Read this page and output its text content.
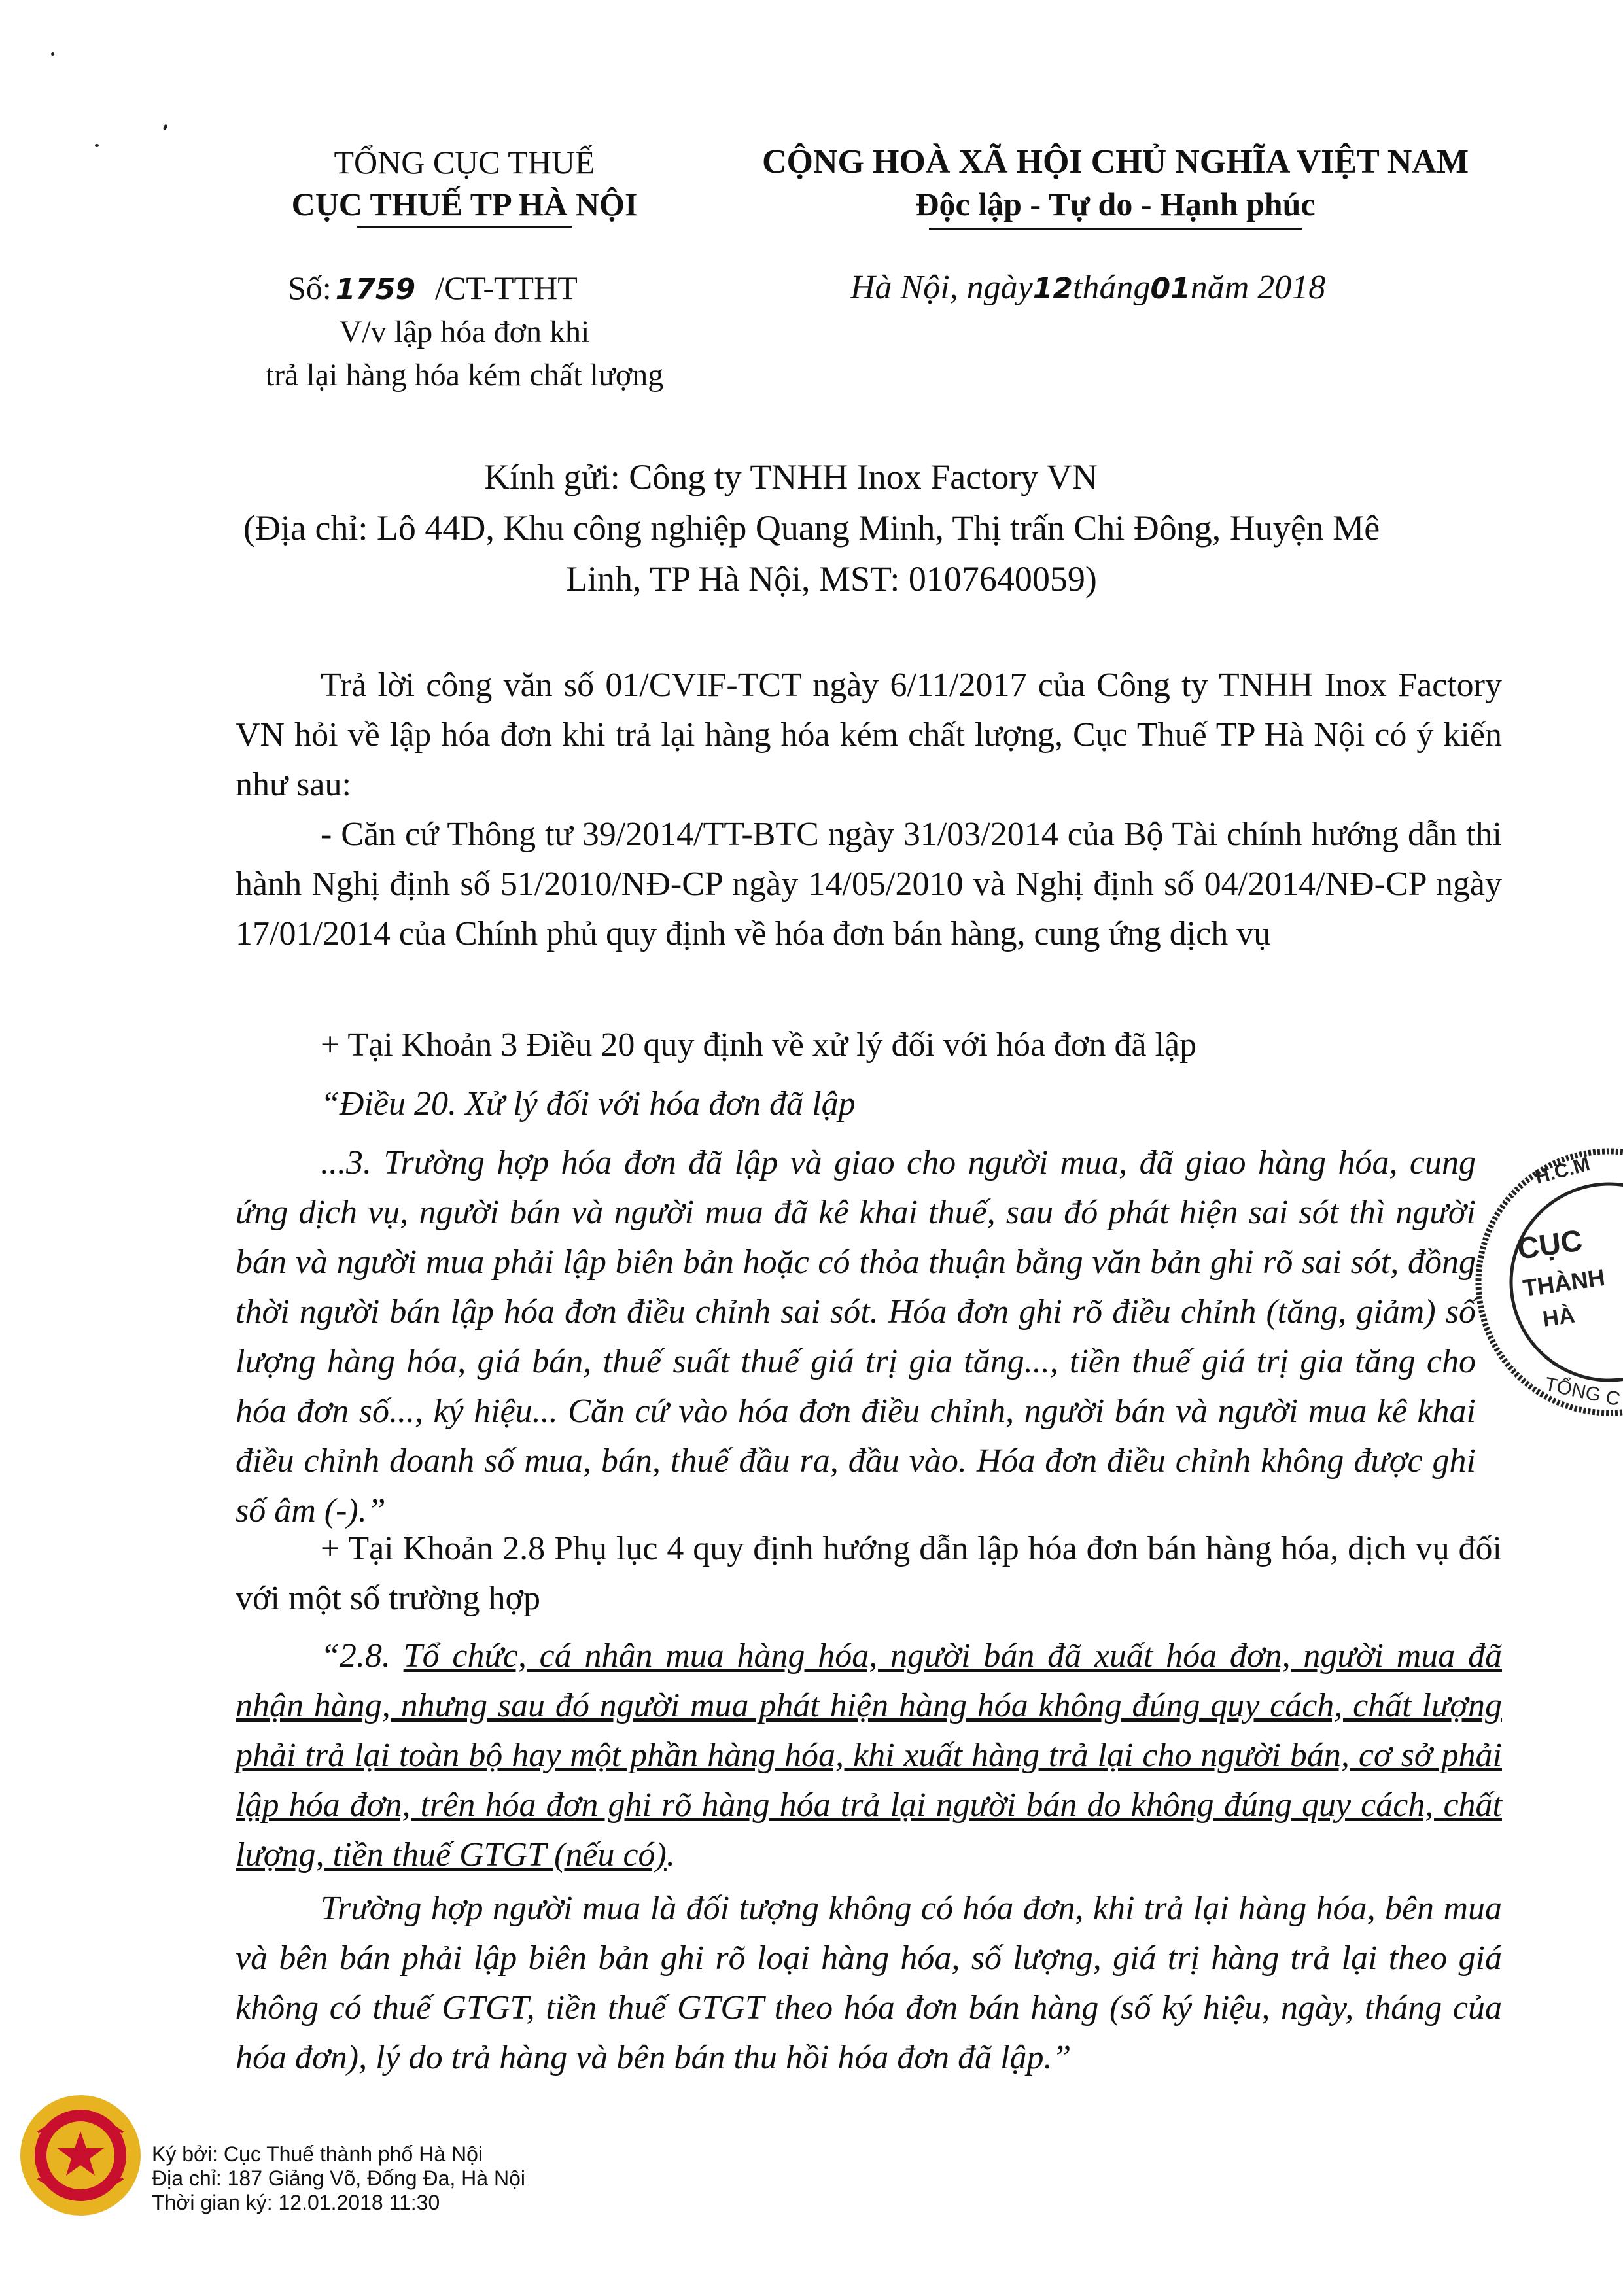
TỔNG CỤC THUẾ
CỤC THUẾ TP HÀ NỘI
Số: 1759 /CT-TTHT
V/v lập hóa đơn khi
trả lại hàng hóa kém chất lượng
CỘNG HOÀ XÃ HỘI CHỦ NGHĨA VIỆT NAM
Độc lập - Tự do - Hạnh phúc
Hà Nội, ngày12tháng01năm 2018
Kính gửi: Công ty TNHH Inox Factory VN
(Địa chỉ: Lô 44D, Khu công nghiệp Quang Minh, Thị trấn Chi Đông, Huyện Mê
Linh, TP Hà Nội, MST: 0107640059)
Trả lời công văn số 01/CVIF-TCT ngày 6/11/2017 của Công ty TNHH Inox Factory VN hỏi về lập hóa đơn khi trả lại hàng hóa kém chất lượng, Cục Thuế TP Hà Nội có ý kiến như sau:
- Căn cứ Thông tư 39/2014/TT-BTC ngày 31/03/2014 của Bộ Tài chính hướng dẫn thi hành Nghị định số 51/2010/NĐ-CP ngày 14/05/2010 và Nghị định số 04/2014/NĐ-CP ngày 17/01/2014 của Chính phủ quy định về hóa đơn bán hàng, cung ứng dịch vụ
+ Tại Khoản 3 Điều 20 quy định về xử lý đối với hóa đơn đã lập
“Điều 20. Xử lý đối với hóa đơn đã lập
...3. Trường hợp hóa đơn đã lập và giao cho người mua, đã giao hàng hóa, cung ứng dịch vụ, người bán và người mua đã kê khai thuế, sau đó phát hiện sai sót thì người bán và người mua phải lập biên bản hoặc có thỏa thuận bằng văn bản ghi rõ sai sót, đồng thời người bán lập hóa đơn điều chỉnh sai sót. Hóa đơn ghi rõ điều chỉnh (tăng, giảm) số lượng hàng hóa, giá bán, thuế suất thuế giá trị gia tăng..., tiền thuế giá trị gia tăng cho hóa đơn số..., ký hiệu... Căn cứ vào hóa đơn điều chỉnh, người bán và người mua kê khai điều chỉnh doanh số mua, bán, thuế đầu ra, đầu vào. Hóa đơn điều chỉnh không được ghi số âm (-).”
+ Tại Khoản 2.8 Phụ lục 4 quy định hướng dẫn lập hóa đơn bán hàng hóa, dịch vụ đối với một số trường hợp
“2.8. Tổ chức, cá nhân mua hàng hóa, người bán đã xuất hóa đơn, người mua đã nhận hàng, nhưng sau đó người mua phát hiện hàng hóa không đúng quy cách, chất lượng phải trả lại toàn bộ hay một phần hàng hóa, khi xuất hàng trả lại cho người bán, cơ sở phải lập hóa đơn, trên hóa đơn ghi rõ hàng hóa trả lại người bán do không đúng quy cách, chất lượng, tiền thuế GTGT (nếu có).
Trường hợp người mua là đối tượng không có hóa đơn, khi trả lại hàng hóa, bên mua và bên bán phải lập biên bản ghi rõ loại hàng hóa, số lượng, giá trị hàng trả lại theo giá không có thuế GTGT, tiền thuế GTGT theo hóa đơn bán hàng (số ký hiệu, ngày, tháng của hóa đơn), lý do trả hàng và bên bán thu hồi hóa đơn đã lập.”
H.C.M
CỤC
THÀNH
HÀ
TỔNG C
Ký bởi: Cục Thuế thành phố Hà Nội
Địa chỉ: 187 Giảng Võ, Đống Đa, Hà Nội
Thời gian ký: 12.01.2018 11:30
